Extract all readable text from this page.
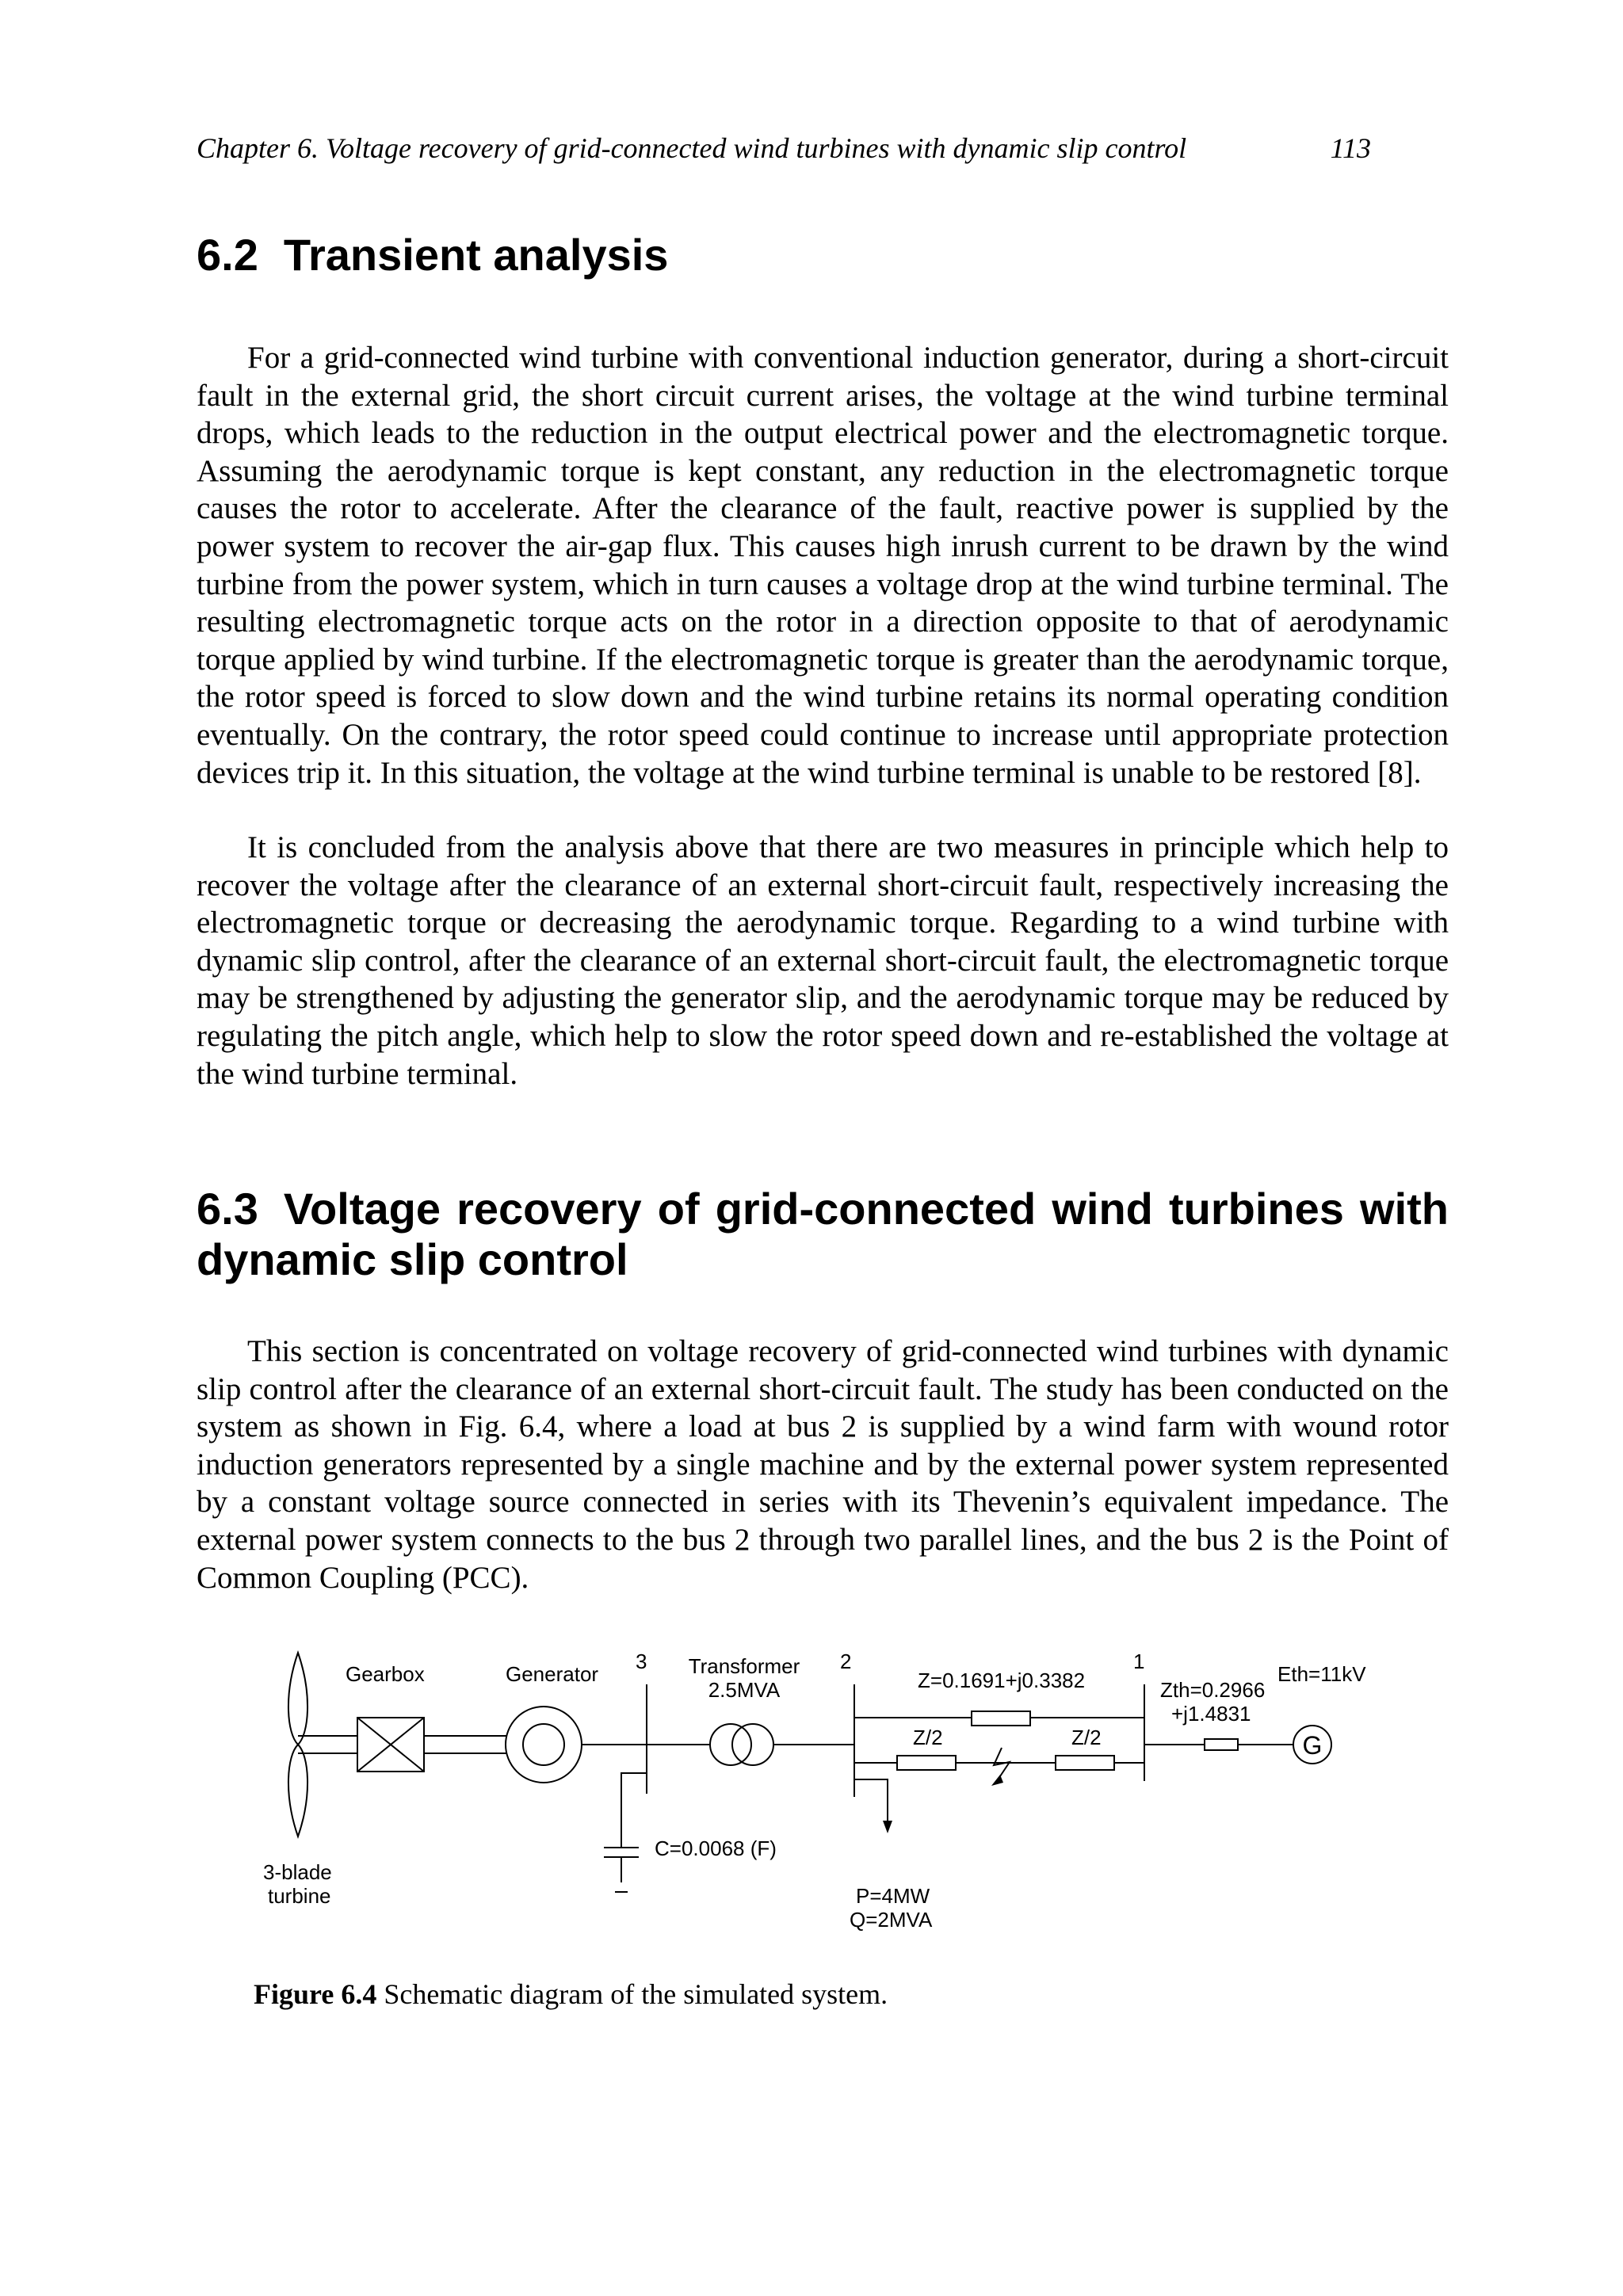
Chapter 6. Voltage recovery of grid-connected wind turbines with dynamic slip control	113
6.2 Transient analysis

For a grid-connected wind turbine with conventional induction generator, during a short-circuit fault in the external grid, the short circuit current arises, the voltage at the wind turbine terminal drops, which leads to the reduction in the output electrical power and the electromagnetic torque. Assuming the aerodynamic torque is kept constant, any reduction in the electromagnetic torque causes the rotor to accelerate. After the clearance of the fault, reactive power is supplied by the power system to recover the air-gap flux. This causes high inrush current to be drawn by the wind turbine from the power system, which in turn causes a voltage drop at the wind turbine terminal. The resulting electromagnetic torque acts on the rotor in a direction opposite to that of aerodynamic torque applied by wind turbine. If the electromagnetic torque is greater than the aerodynamic torque, the rotor speed is forced to slow down and the wind turbine retains its normal operating condition eventually. On the contrary, the rotor speed could continue to increase until appropriate protection devices trip it. In this situation, the voltage at the wind turbine terminal is unable to be restored [8].

It is concluded from the analysis above that there are two measures in principle which help to recover the voltage after the clearance of an external short-circuit fault, respectively increasing the electromagnetic torque or decreasing the aerodynamic torque. Regarding to a wind turbine with dynamic slip control, after the clearance of an external short-circuit fault, the electromagnetic torque may be strengthened by adjusting the generator slip, and the aerodynamic torque may be reduced by regulating the pitch angle, which help to slow the rotor speed down and re-established the voltage at the wind turbine terminal.

6.3 Voltage recovery of grid-connected wind turbines with dynamic slip control

This section is concentrated on voltage recovery of grid-connected wind turbines with dynamic slip control after the clearance of an external short-circuit fault. The study has been conducted on the system as shown in Fig. 6.4, where a load at bus 2 is supplied by a wind farm with wound rotor induction generators represented by a single machine and by the external power system represented by a constant voltage source connected in series with its Thevenin’s equivalent impedance. The external power system connects to the bus 2 through two parallel lines, and the bus 2 is the Point of Common Coupling (PCC).

Gearbox	Generator
3 Transformer
2.5MVA
2
Z=0.1691+j0.3382
1
Zth=0.2966
+j1.4831
Eth=11kV
G
Z/2	Z/2
C=0.0068 (F)
3-blade
turbine	P=4MW
Q=2MVA
Figure 6.4 Schematic diagram of the simulated system.
